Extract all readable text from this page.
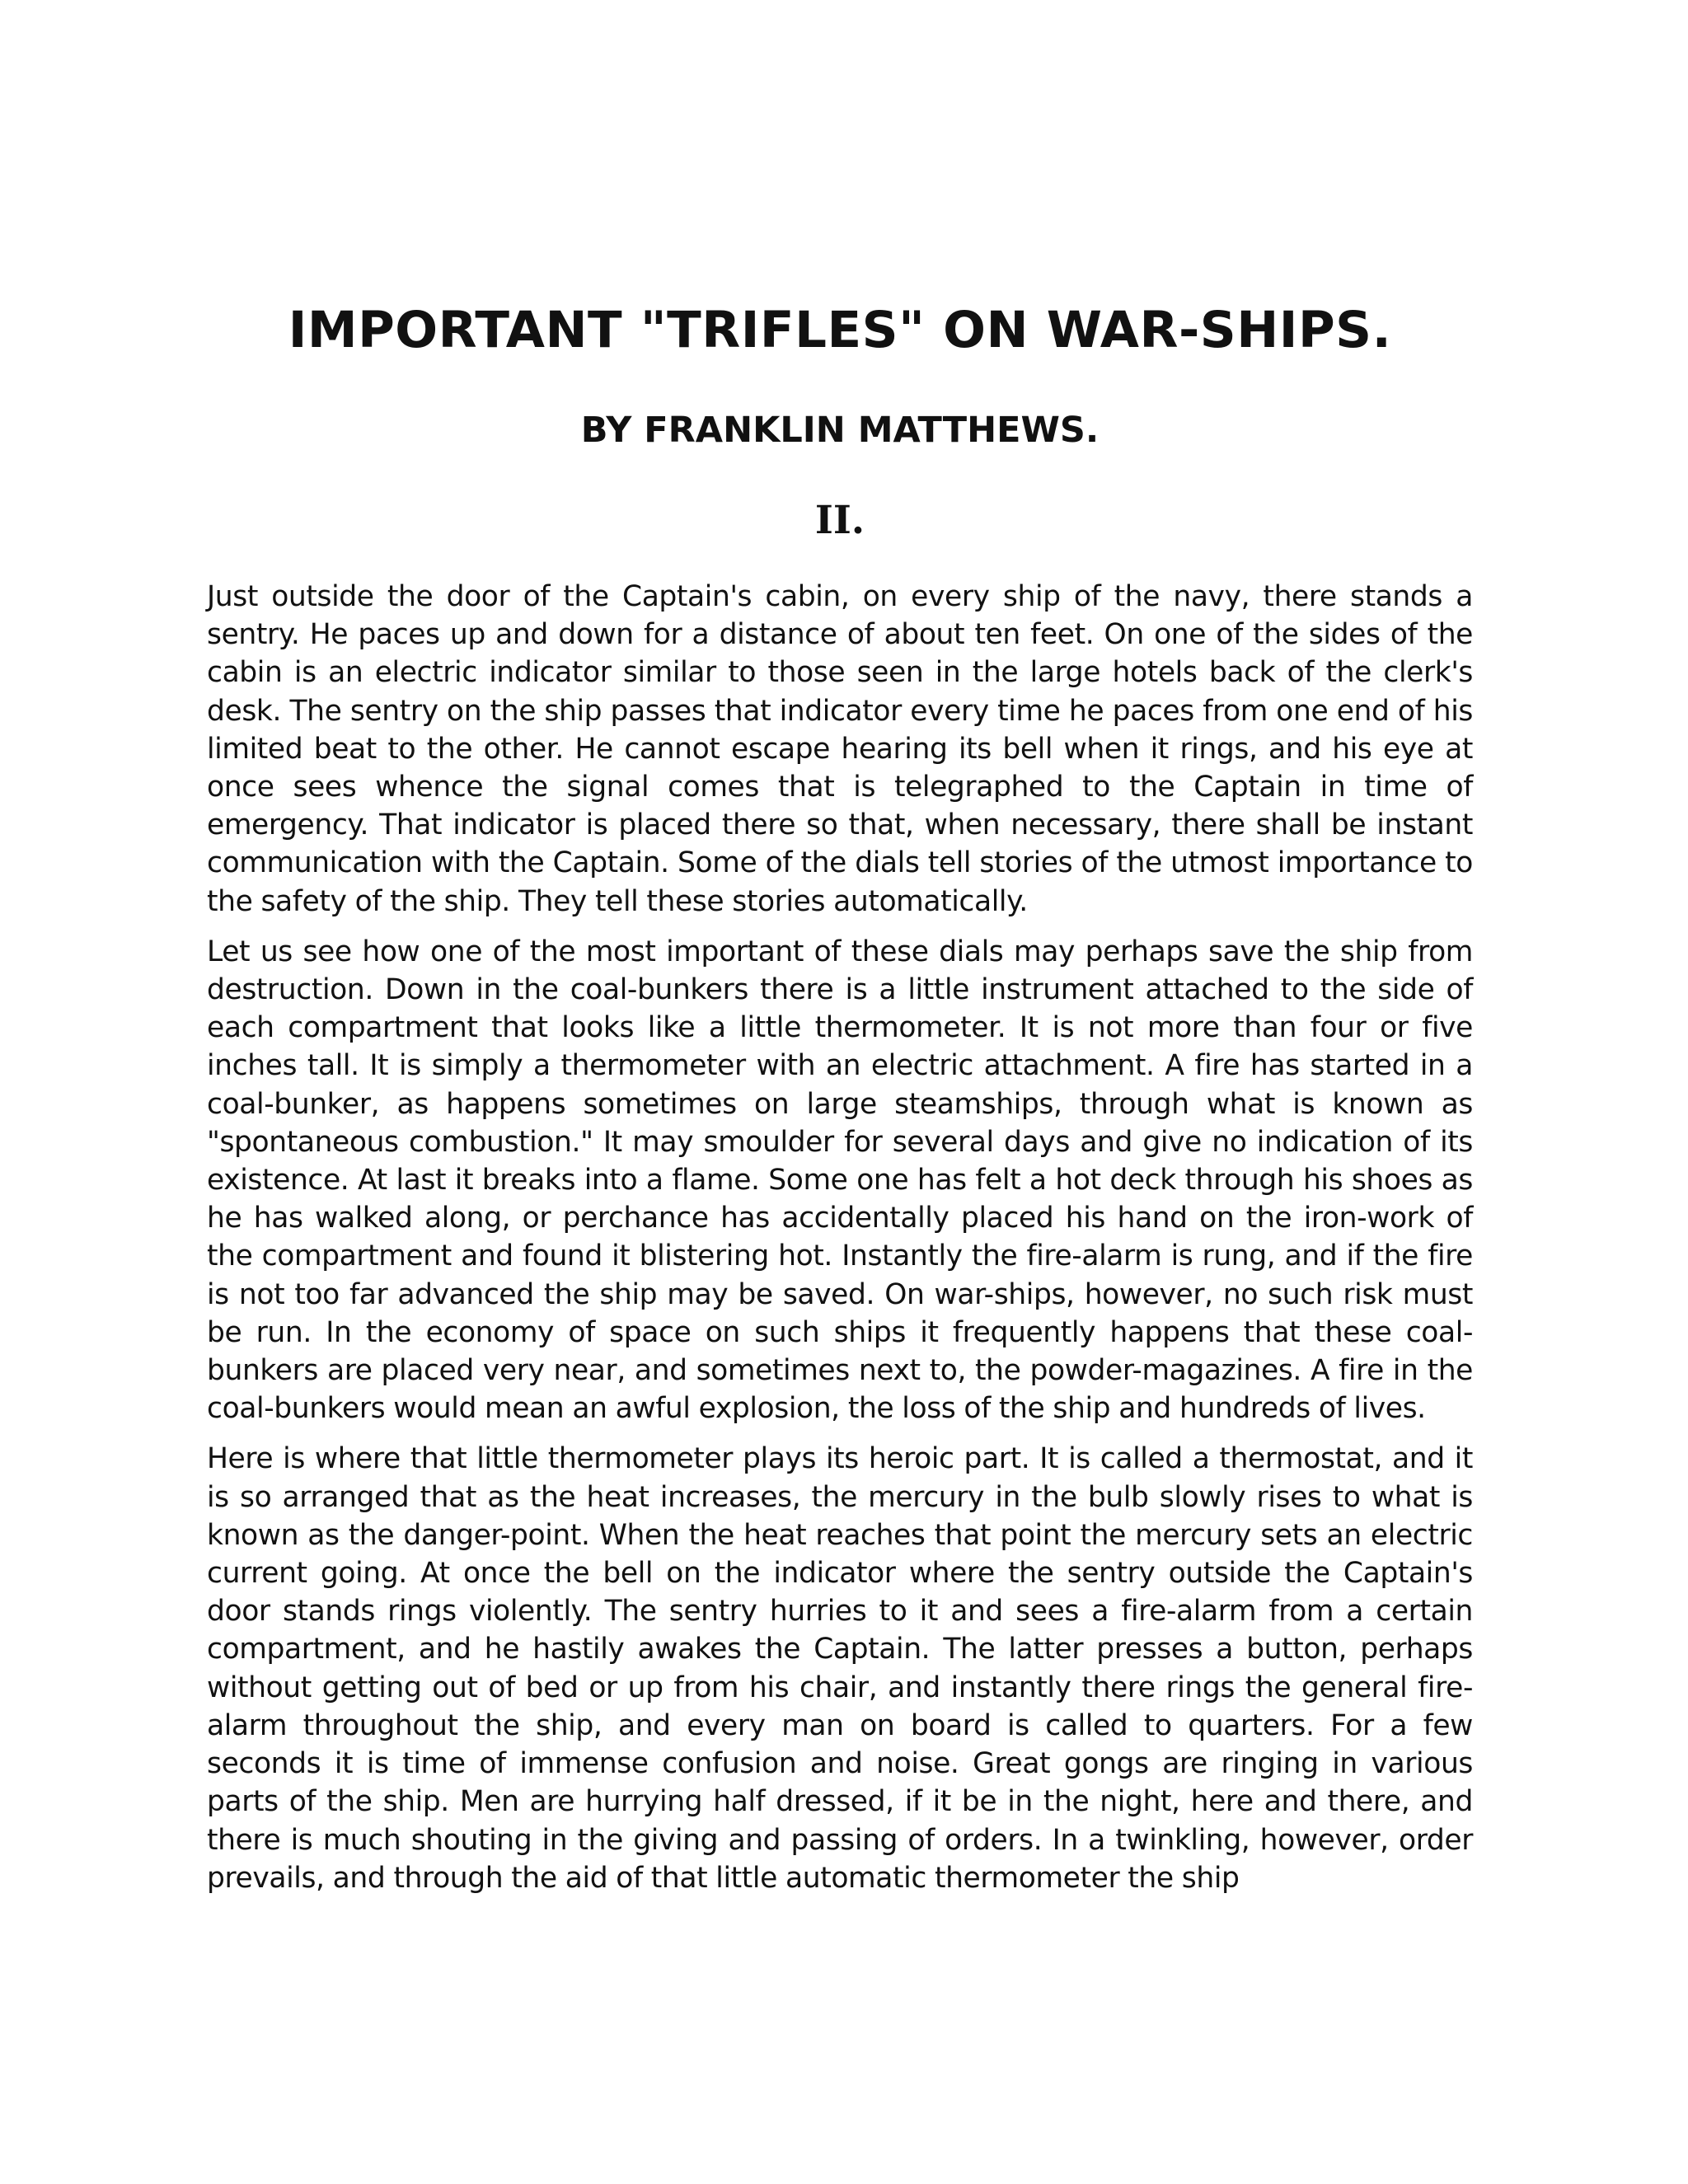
IMPORTANT "TRIFLES" ON WAR-SHIPS.
BY FRANKLIN MATTHEWS.
II.

Just outside the door of the Captain's cabin, on every ship of the navy, there stands a sentry. He paces up and down for a distance of about ten feet. On one of the sides of the cabin is an electric indicator similar to those seen in the large hotels back of the clerk's desk. The sentry on the ship passes that indicator every time he paces from one end of his limited beat to the other. He cannot escape hearing its bell when it rings, and his eye at once sees whence the signal comes that is telegraphed to the Captain in time of emergency. That indicator is placed there so that, when necessary, there shall be instant communication with the Captain. Some of the dials tell stories of the utmost importance to the safety of the ship. They tell these stories automatically.

Let us see how one of the most important of these dials may perhaps save the ship from destruction. Down in the coal-bunkers there is a little instrument attached to the side of each compartment that looks like a little thermometer. It is not more than four or five inches tall. It is simply a thermometer with an electric attachment. A fire has started in a coal-bunker, as happens sometimes on large steamships, through what is known as "spontaneous combustion." It may smoulder for several days and give no indication of its existence. At last it breaks into a flame. Some one has felt a hot deck through his shoes as he has walked along, or perchance has accidentally placed his hand on the iron-work of the compartment and found it blistering hot. Instantly the fire-alarm is rung, and if the fire is not too far advanced the ship may be saved. On war-ships, however, no such risk must be run. In the economy of space on such ships it frequently happens that these coal-bunkers are placed very near, and sometimes next to, the powder-magazines. A fire in the coal-bunkers would mean an awful explosion, the loss of the ship and hundreds of lives.

Here is where that little thermometer plays its heroic part. It is called a thermostat, and it is so arranged that as the heat increases, the mercury in the bulb slowly rises to what is known as the danger-point. When the heat reaches that point the mercury sets an electric current going. At once the bell on the indicator where the sentry outside the Captain's door stands rings violently. The sentry hurries to it and sees a fire-alarm from a certain compartment, and he hastily awakes the Captain. The latter presses a button, perhaps without getting out of bed or up from his chair, and instantly there rings the general fire-alarm throughout the ship, and every man on board is called to quarters. For a few seconds it is time of immense confusion and noise. Great gongs are ringing in various parts of the ship. Men are hurrying half dressed, if it be in the night, here and there, and there is much shouting in the giving and passing of orders. In a twinkling, however, order prevails, and through the aid of that little automatic thermometer the ship
